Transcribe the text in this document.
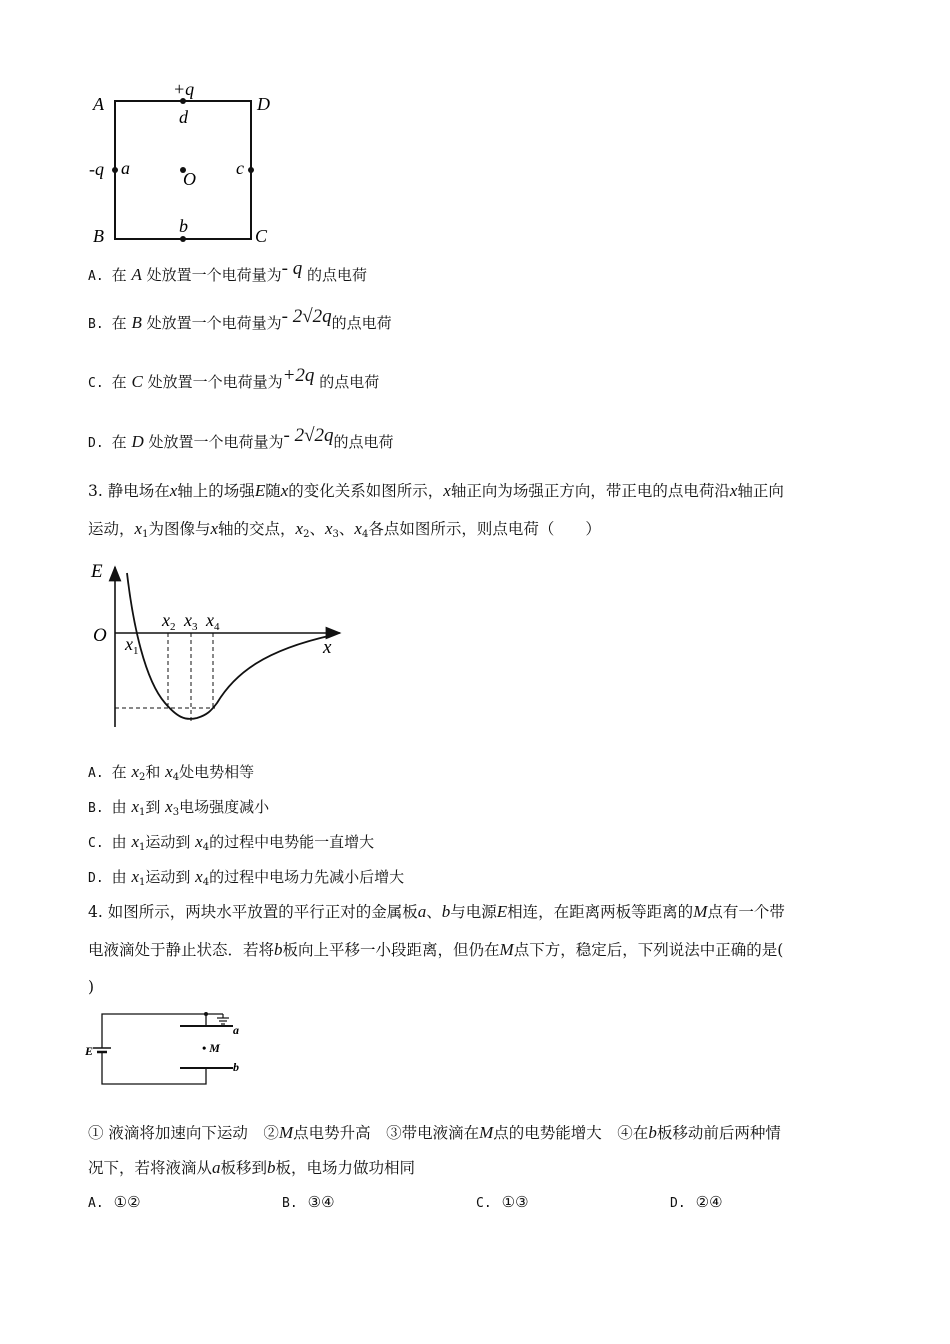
A	D
B	C
+q
d
-q a
O
c
b
A. 在 A 处放置一个电荷量为- q 的点电荷
B. 在 B 处放置一个电荷量为- 2√2q的点电荷
C. 在 C 处放置一个电荷量为+2q 的点电荷
D. 在 D 处放置一个电荷量为- 2√2q的点电荷
3. 静电场在x轴上的场强E随x的变化关系如图所示，x轴正向为场强正方向，带正电的点电荷沿x轴正向
运动，$x_1$为图像与x轴的交点，$x_2$、$x_3$、$x_4$各点如图所示，则点电荷（　　）
E
O
x
$x_1$
$x_2$ $x_3$ $x_4$
A. 在 $x_2$和 $x_4$处电势相等
B. 由 $x_1$到 $x_3$电场强度减小
C. 由 $x_1$运动到 $x_4$的过程中电势能一直增大
D. 由 $x_1$运动到 $x_4$的过程中电场力先减小后增大
4. 如图所示，两块水平放置的平行正对的金属板a、b与电源E相连，在距离两板等距离的M点有一个带
电液滴处于静止状态．若将b板向上平移一小段距离，但仍在M点下方，稳定后，下列说法中正确的是(
)
a
b
E	• M
① 液滴将加速向下运动　②M点电势升高　③带电液滴在M点的电势能增大　④在b板移动前后两种情
况下，若将液滴从a板移到b板，电场力做功相同
A. ①②	B. ③④	C. ①③	D. ②④
